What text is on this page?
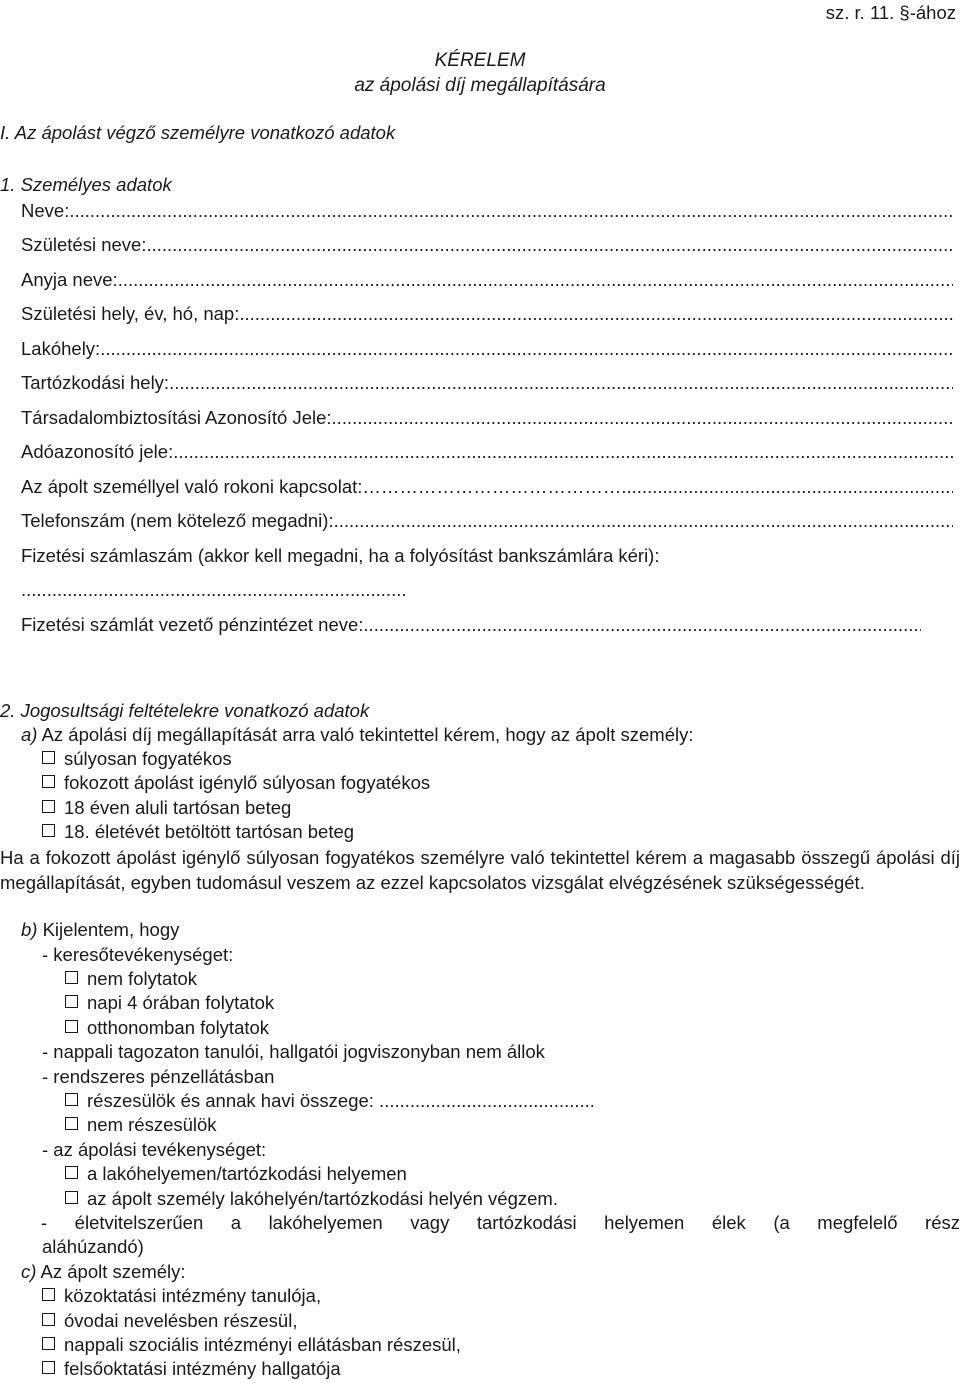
sz. r. 11. §-ához
KÉRELEM
az ápolási díj megállapítására
I. Az ápolást végző személyre vonatkozó adatok
1. Személyes adatok
Neve:
.....
Születési neve:
.....
Anyja neve:
.....
Születési hely, év, hó, nap:
.....
Lakóhely:
.....
Tartózkodási hely:
.....
Társadalombiztosítási Azonosító Jele:
.....
Adóazonosító jele:
.....
Az ápolt személlyel való rokoni kapcsolat:……………………………………
.....
Telefonszám (nem kötelező megadni):
.....
Fizetési számlaszám (akkor kell megadni, ha a folyósítást bankszámlára kéri):
...........................................................................
Fizetési számlát vezető pénzintézet neve:
.....
2. Jogosultsági feltételekre vonatkozó adatok
a) Az ápolási díj megállapítását arra való tekintettel kérem, hogy az ápolt személy:
súlyosan fogyatékos
fokozott ápolást igénylő súlyosan fogyatékos
18 éven aluli tartósan beteg
18. életévét betöltött tartósan beteg
Ha a fokozott ápolást igénylő súlyosan fogyatékos személyre való tekintettel kérem a magasabb összegű ápolási díj megállapítását, egyben tudomásul veszem az ezzel kapcsolatos vizsgálat elvégzésének szükségességét.
b) Kijelentem, hogy
- keresőtevékenységet:
nem folytatok
napi 4 órában folytatok
otthonomban folytatok
- nappali tagozaton tanulói, hallgatói jogviszonyban nem állok
- rendszeres pénzellátásban
részesülök és annak havi összege: ..........................................
nem részesülök
- az ápolási tevékenységet:
a lakóhelyemen/tartózkodási helyemen
az ápolt személy lakóhelyén/tartózkodási helyén végzem.
- életvitelszerűen a lakóhelyemen vagy tartózkodási helyemen élek (a megfelelő rész
aláhúzandó)
c) Az ápolt személy:
közoktatási intézmény tanulója,
óvodai nevelésben részesül,
nappali szociális intézményi ellátásban részesül,
felsőoktatási intézmény hallgatója
